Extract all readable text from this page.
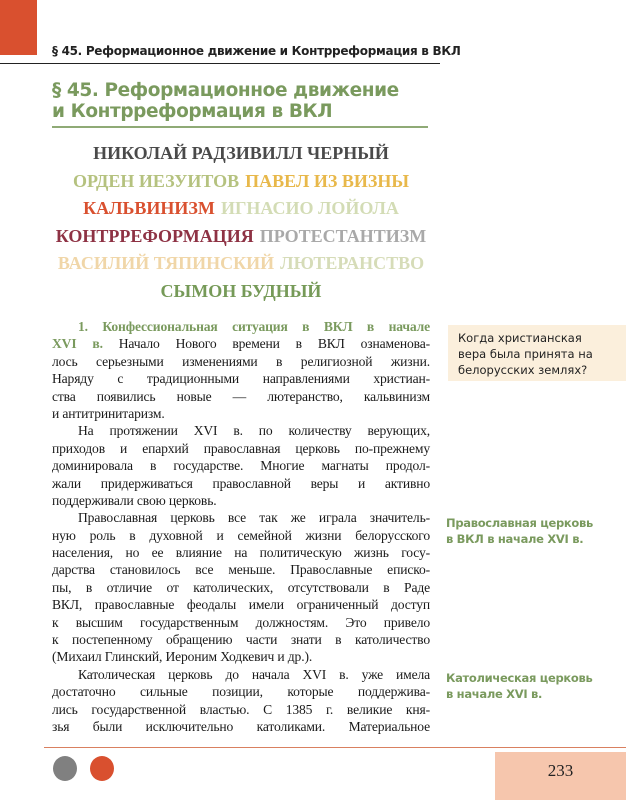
§ 45. Реформационное движение и Контрреформация в ВКЛ
§ 45. Реформационное движение
и Контрреформация в ВКЛ
НИКОЛАЙ РАДЗИВИЛЛ ЧЕРНЫЙ
ОРДЕН ИЕЗУИТОВ ПАВЕЛ ИЗ ВИЗНЫ
КАЛЬВИНИЗМ ИГНАСИО ЛОЙОЛА
КОНТРРЕФОРМАЦИЯ ПРОТЕСТАНТИЗМ
ВАСИЛИЙ ТЯПИНСКИЙ ЛЮТЕРАНСТВО
СЫМОН БУДНЫЙ
1. Конфессиональная ситуация в ВКЛ в начале
XVI в. Начало Нового времени в ВКЛ ознаменова-
лось серьезными изменениями в религиозной жизни.
Наряду с традиционными направлениями христиан-
ства появились новые — лютеранство, кальвинизм
и антитринитаризм.
На протяжении XVI в. по количеству верующих,
приходов и епархий православная церковь по-прежнему
доминировала в государстве. Многие магнаты продол-
жали придерживаться православной веры и активно
поддерживали свою церковь.
Православная церковь все так же играла значитель-
ную роль в духовной и семейной жизни белорусского
населения, но ее влияние на политическую жизнь госу-
дарства становилось все меньше. Православные еписко-
пы, в отличие от католических, отсутствовали в Раде
ВКЛ, православные феодалы имели ограниченный доступ
к высшим государственным должностям. Это привело
к постепенному обращению части знати в католичество
(Михаил Глинский, Иероним Ходкевич и др.).
Католическая церковь до начала XVI в. уже имела
достаточно сильные позиции, которые поддержива-
лись государственной властью. С 1385 г. великие кня-
зья были исключительно католиками. Материальное
Когда христианская
вера была принята на
белорусских землях?
Православная церковь
в ВКЛ в начале XVI в.
Католическая церковь
в начале XVI в.
233
